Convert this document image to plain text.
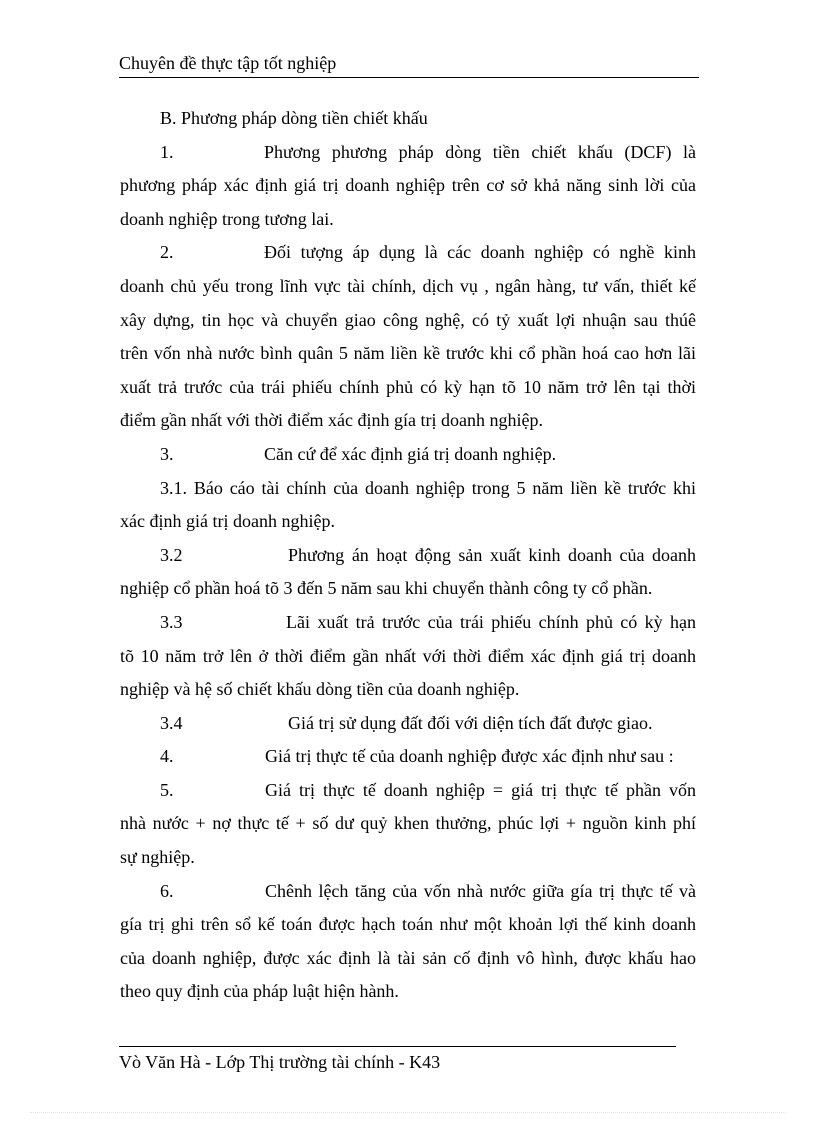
Chuyên đề thực tập tốt nghiệp
B. Phương pháp dòng tiền chiết khấu
1.	Phương phương pháp dòng tiền chiết khấu (DCF) là
phương pháp xác định giá trị doanh nghiệp trên cơ sở khả năng sinh lời của
doanh nghiệp trong tương lai.
2.	Đối tượng áp dụng là các doanh nghiệp có nghề kinh
doanh chủ yếu trong lĩnh vực tài chính, dịch vụ , ngân hàng, tư vấn, thiết kế
xây dựng, tin học và chuyển giao công nghệ, có tỷ xuất lợi nhuận sau thúê
trên vốn nhà nước bình quân 5 năm liền kề trước khi cổ phần hoá cao hơn lãi
xuất trả trước của trái phiếu chính phủ có kỳ hạn tõ 10 năm trở lên tại thời
điểm gần nhất với thời điểm xác định gía trị doanh nghiệp.
3.	Căn cứ để xác định giá trị doanh nghiệp.
3.1. Báo cáo tài chính của doanh nghiệp trong 5 năm liền kề trước khi
xác định giá trị doanh nghiệp.
3.2	Phương án hoạt động sản xuất kinh doanh của doanh
nghiệp cổ phần hoá tõ 3 đến 5 năm sau khi chuyển thành công ty cổ phần.
3.3	Lãi xuất trả trước của trái phiếu chính phủ có kỳ hạn
tõ 10 năm trở lên ở thời điểm gần nhất với thời điểm xác định giá trị doanh
nghiệp và hệ số chiết khấu dòng tiền của doanh nghiệp.
3.4	Giá trị sử dụng đất đối với diện tích đất được giao.
4.	Giá trị thực tế của doanh nghiệp được xác định như sau :
5.	Giá trị thực tế doanh nghiệp = giá trị thực tế phần vốn
nhà nước + nợ thực tế + số dư quỷ khen thưởng, phúc lợi + nguồn kinh phí
sự nghiệp.
6.	Chênh lệch tăng của vốn nhà nước giữa gía trị thực tế và
gía trị ghi trên sổ kế toán được hạch toán như một khoản lợi thế kinh doanh
của doanh nghiệp, được xác định là tài sản cố định vô hình, được khấu hao
theo quy định của pháp luật hiện hành.
Vò Văn Hà - Lớp Thị trường tài chính - K43
